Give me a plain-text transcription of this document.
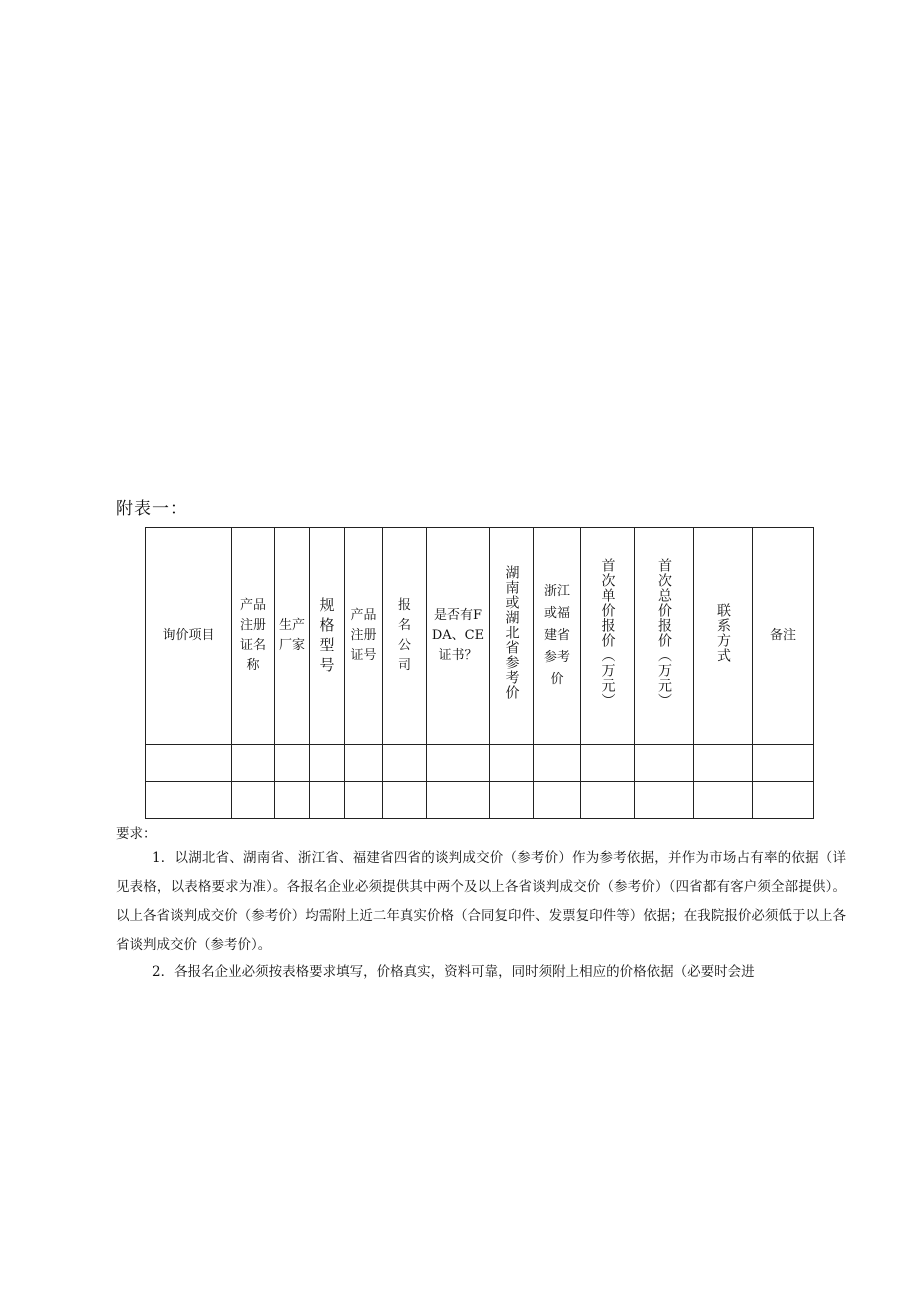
附表一：
询价项目	产品注册证名称	生产厂家	规格型号	产品注册证号	报名公司	是否有FDA、CE证书？	湖南或湖北省参考价	浙江或福建省参考价	首次单价报价（万元）	首次总价报价（万元）	联系方式	备注

要求：

1．以湖北省、湖南省、浙江省、福建省四省的谈判成交价（参考价）作为参考依据，并作为市场占有率的依据（详见表格，以表格要求为准）。各报名企业必须提供其中两个及以上各省谈判成交价（参考价）（四省都有客户须全部提供）。以上各省谈判成交价（参考价）均需附上近二年真实价格（合同复印件、发票复印件等）依据；在我院报价必须低于以上各省谈判成交价（参考价）。

2．各报名企业必须按表格要求填写，价格真实，资料可靠，同时须附上相应的价格依据（必要时会进
